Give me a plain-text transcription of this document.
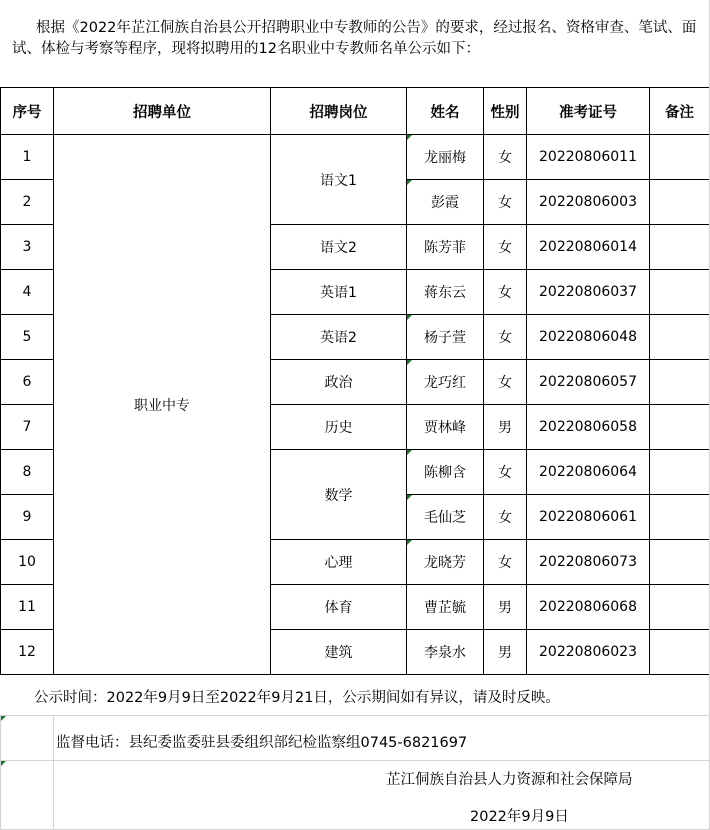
根据《2022年芷江侗族自治县公开招聘职业中专教师的公告》的要求，经过报名、资格审查、笔试、面试、体检与考察等程序，现将拟聘用的12名职业中专教师名单公示如下：
序号	招聘单位	招聘岗位	姓名	性别	准考证号	备注
1	职业中专	语文1	龙丽梅	女	20220806011	
2			彭霞	女	20220806003	
3		语文2	陈芳菲	女	20220806014	
4		英语1	蒋东云	女	20220806037	
5		英语2	杨子萱	女	20220806048	
6		政治	龙巧红	女	20220806057	
7		历史	贾林峰	男	20220806058	
8		数学	陈柳含	女	20220806064	
9			毛仙芝	女	20220806061	
10		心理	龙晓芳	女	20220806073	
11		体育	曹芷毓	男	20220806068	
12		建筑	李泉水	男	20220806023	
公示时间：2022年9月9日至2022年9月21日，公示期间如有异议，请及时反映。
监督电话：县纪委监委驻县委组织部纪检监察组0745-6821697
芷江侗族自治县人力资源和社会保障局
2022年9月9日
